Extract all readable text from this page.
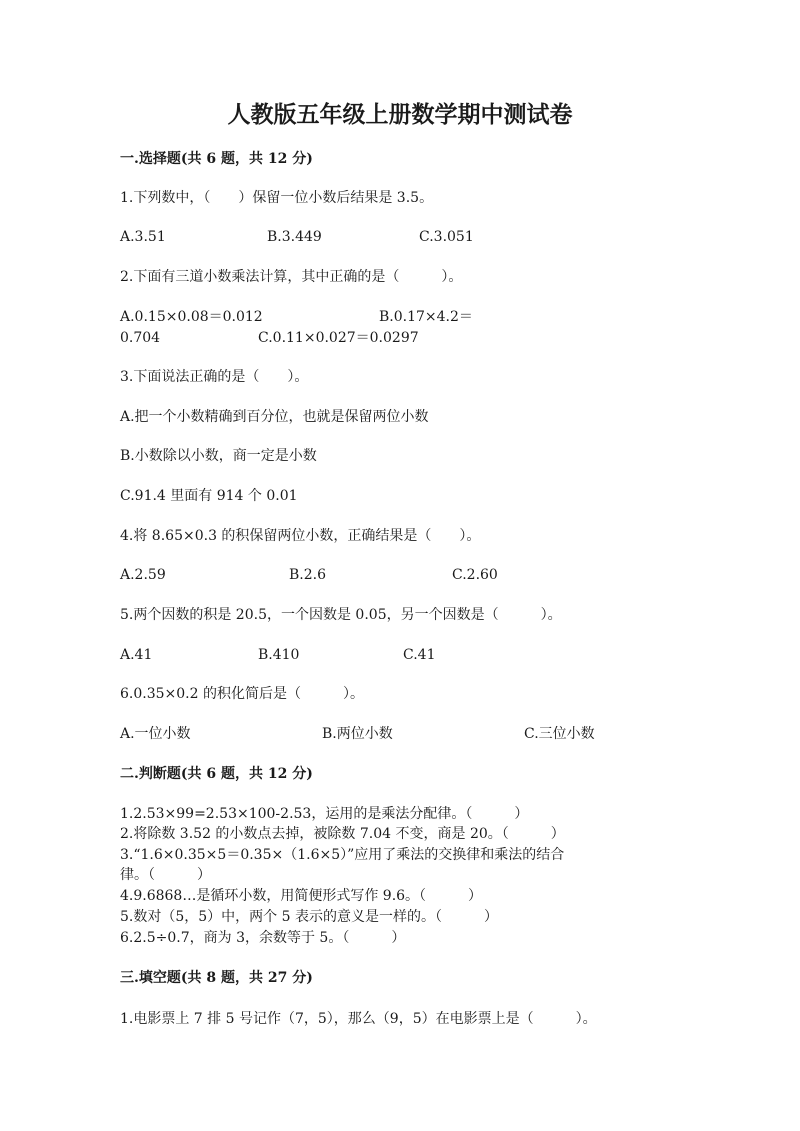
人教版五年级上册数学期中测试卷
一.选择题(共 6 题，共 12 分)
1.下列数中，（　　）保留一位小数后结果是 3.5。
A.3.51	B.3.449	C.3.051
2.下面有三道小数乘法计算，其中正确的是（　　　）。
A.0.15×0.08＝0.012	B.0.17×4.2＝
0.704	C.0.11×0.027＝0.0297
3.下面说法正确的是（　　）。
A.把一个小数精确到百分位，也就是保留两位小数
B.小数除以小数，商一定是小数
C.91.4 里面有 914 个 0.01
4.将 8.65×0.3 的积保留两位小数，正确结果是（　　）。
A.2.59	B.2.6	C.2.60
5.两个因数的积是 20.5，一个因数是 0.05，另一个因数是（　　　）。
A.41	B.410	C.41
6.0.35×0.2 的积化简后是（　　　）。
A.一位小数	B.两位小数	C.三位小数
二.判断题(共 6 题，共 12 分)
1.2.53×99=2.53×100-2.53，运用的是乘法分配律。（　　　）
2.将除数 3.52 的小数点去掉，被除数 7.04 不变，商是 20。（　　　）
3.“1.6×0.35×5＝0.35×（1.6×5）”应用了乘法的交换律和乘法的结合
律。（　　　）
4.9.6868…是循环小数，用简便形式写作 9.6。（　　　）
5.数对（5，5）中，两个 5 表示的意义是一样的。（　　　）
6.2.5÷0.7，商为 3，余数等于 5。（　　　）
三.填空题(共 8 题，共 27 分)
1.电影票上 7 排 5 号记作（7，5），那么（9，5）在电影票上是（　　　）。
